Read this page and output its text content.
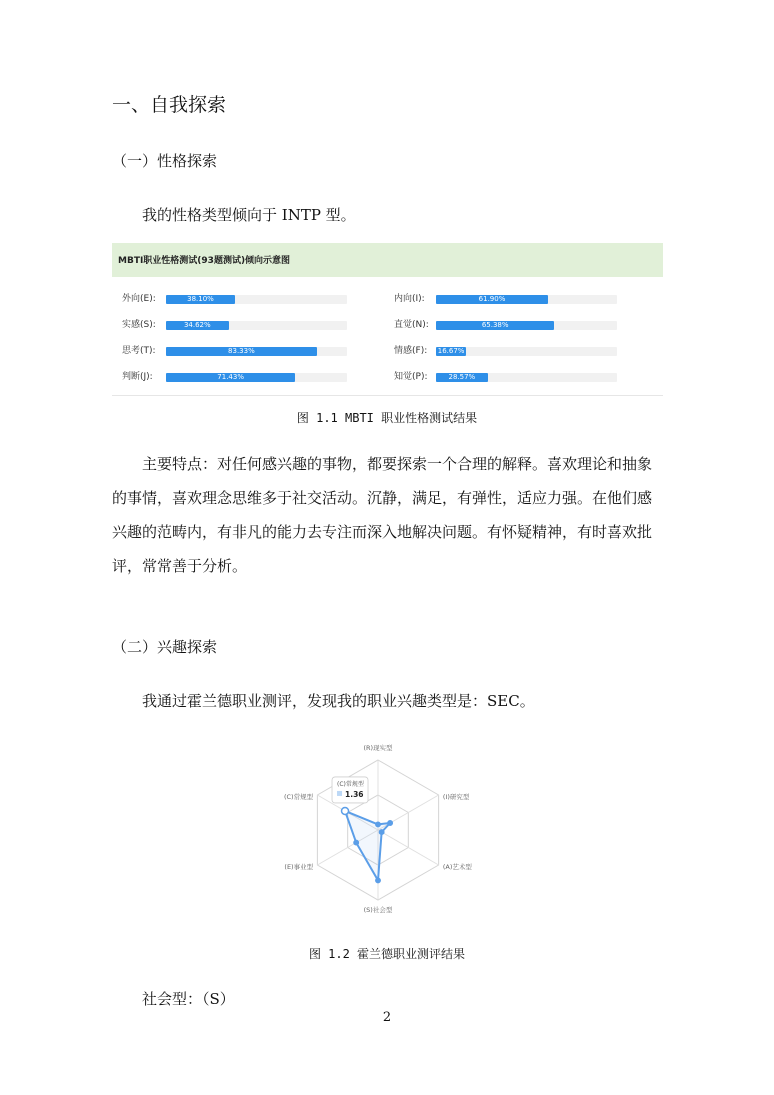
一、自我探索
（一）性格探索
我的性格类型倾向于 INTP 型。
MBTI职业性格测试(93题测试)倾向示意图
外向(E):	38.10%
实感(S):	34.62%
思考(T):	83.33%
判断(J):	71.43%
内向(I):	61.90%
直觉(N):	65.38%
情感(F): 16.67%
知觉(P):	28.57%
图 1.1 MBTI 职业性格测试结果
主要特点：对任何感兴趣的事物，都要探索一个合理的解释。喜欢理论和抽象的事情，喜欢理念思维多于社交活动。沉静，满足，有弹性，适应力强。在他们感兴趣的范畴内，有非凡的能力去专注而深入地解决问题。有怀疑精神，有时喜欢批评，常常善于分析。
（二）兴趣探索
我通过霍兰德职业测评，发现我的职业兴趣类型是：SEC。
(R)现实型
(I)研究型
(A)艺术型
(S)社会型
(E)事业型
(C)常规型
(C)常规型
1.36
图 1.2 霍兰德职业测评结果
社会型：（S）
2
